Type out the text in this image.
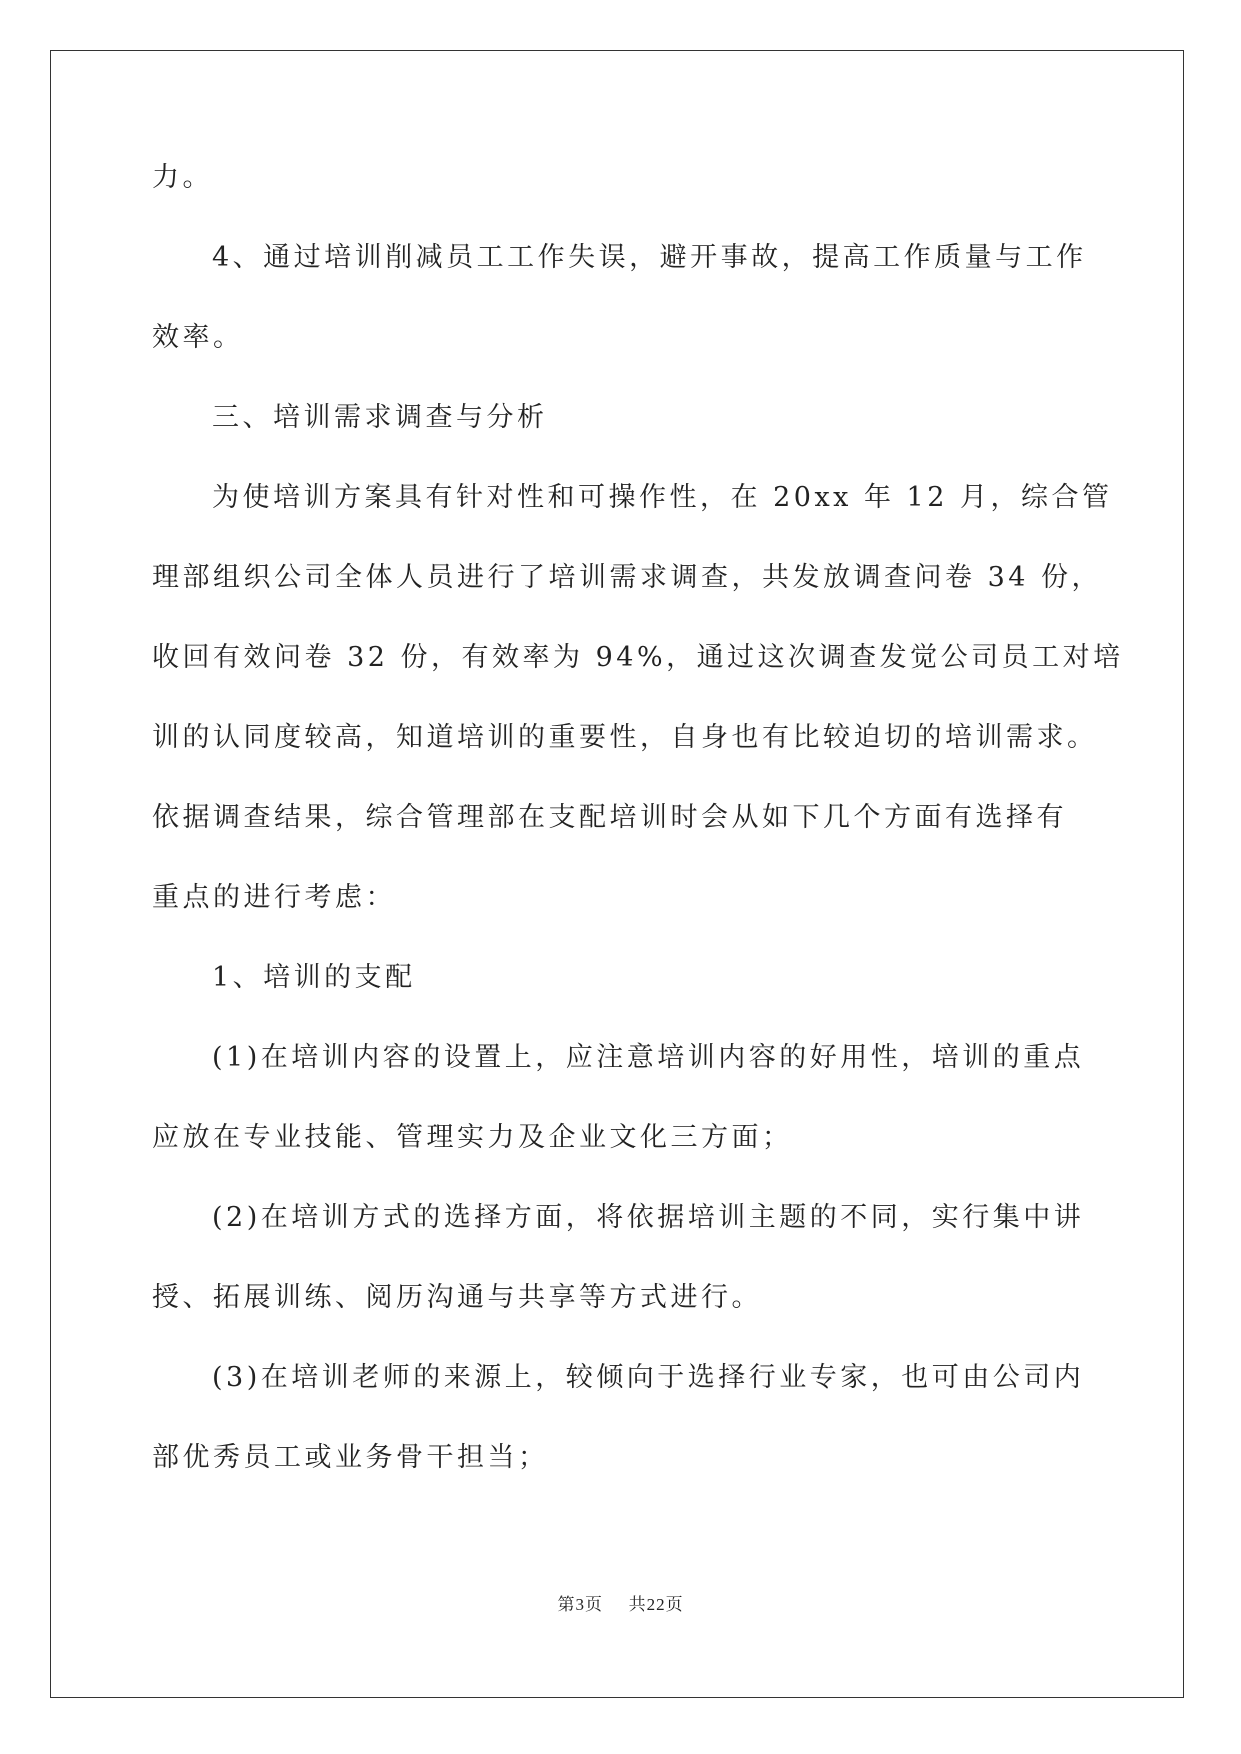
力。
4、通过培训削减员工工作失误，避开事故，提高工作质量与工作
效率。
三、培训需求调查与分析
为使培训方案具有针对性和可操作性，在 20xx 年 12 月，综合管
理部组织公司全体人员进行了培训需求调查，共发放调查问卷 34 份，
收回有效问卷 32 份，有效率为 94%，通过这次调查发觉公司员工对培
训的认同度较高，知道培训的重要性，自身也有比较迫切的培训需求。
依据调查结果，综合管理部在支配培训时会从如下几个方面有选择有
重点的进行考虑：
1、培训的支配
(1)在培训内容的设置上，应注意培训内容的好用性，培训的重点
应放在专业技能、管理实力及企业文化三方面；
(2)在培训方式的选择方面，将依据培训主题的不同，实行集中讲
授、拓展训练、阅历沟通与共享等方式进行。
(3)在培训老师的来源上，较倾向于选择行业专家，也可由公司内
部优秀员工或业务骨干担当；
第3页 共22页
